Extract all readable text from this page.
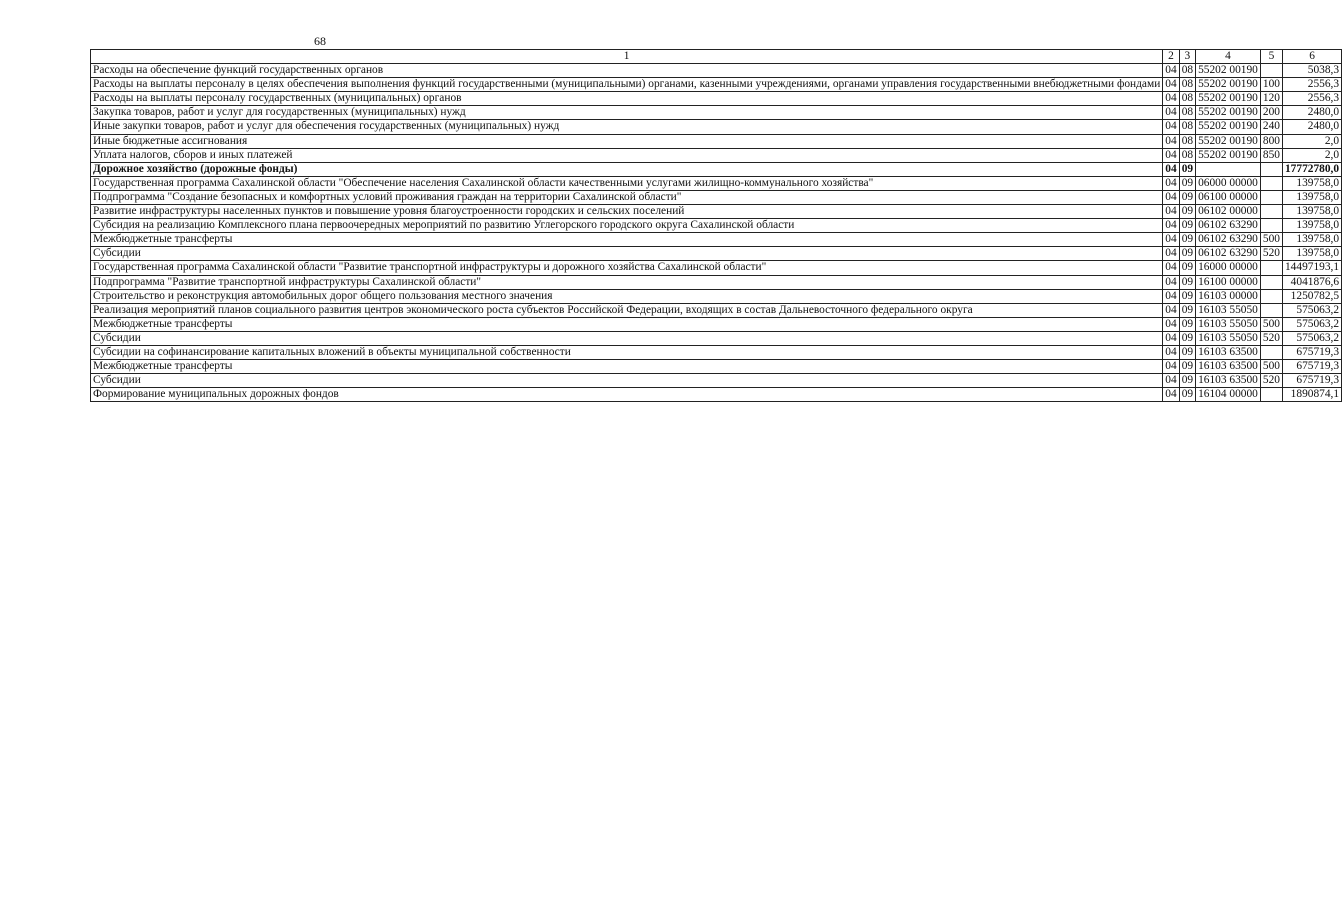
68
1	2	3	4	5	6
Расходы на обеспечение функций государственных органов	04	08	55202 00190		5038,3
Расходы на выплаты персоналу в целях обеспечения выполнения функций государственными (муниципальными) органами, казенными учреждениями, органами управления государственными внебюджетными фондами	04	08	55202 00190	100	2556,3
Расходы на выплаты персоналу государственных (муниципальных) органов	04	08	55202 00190	120	2556,3
Закупка товаров, работ и услуг для государственных (муниципальных) нужд	04	08	55202 00190	200	2480,0
Иные закупки товаров, работ и услуг для обеспечения государственных (муниципальных) нужд	04	08	55202 00190	240	2480,0
Иные бюджетные ассигнования	04	08	55202 00190	800	2,0
Уплата налогов, сборов и иных платежей	04	08	55202 00190	850	2,0
Дорожное хозяйство (дорожные фонды)	04	09			17772780,0
Государственная программа Сахалинской области "Обеспечение населения Сахалинской области качественными услугами жилищно-коммунального хозяйства"	04	09	06000 00000		139758,0
Подпрограмма "Создание безопасных и комфортных условий проживания граждан на территории Сахалинской области"	04	09	06100 00000		139758,0
Развитие инфраструктуры населенных пунктов и повышение уровня благоустроенности городских и сельских поселений	04	09	06102 00000		139758,0
Субсидия на реализацию Комплексного плана первоочередных мероприятий по развитию Углегорского городского округа Сахалинской области	04	09	06102 63290		139758,0
Межбюджетные трансферты	04	09	06102 63290	500	139758,0
Субсидии	04	09	06102 63290	520	139758,0
Государственная программа Сахалинской области "Развитие транспортной инфраструктуры и дорожного хозяйства Сахалинской области"	04	09	16000 00000		14497193,1
Подпрограмма "Развитие транспортной инфраструктуры Сахалинской области"	04	09	16100 00000		4041876,6
Строительство и реконструкция автомобильных дорог общего пользования местного значения	04	09	16103 00000		1250782,5
Реализация мероприятий планов социального развития центров экономического роста субъектов Российской Федерации, входящих в состав Дальневосточного федерального округа	04	09	16103 55050		575063,2
Межбюджетные трансферты	04	09	16103 55050	500	575063,2
Субсидии	04	09	16103 55050	520	575063,2
Субсидии на софинансирование капитальных вложений в объекты муниципальной собственности	04	09	16103 63500		675719,3
Межбюджетные трансферты	04	09	16103 63500	500	675719,3
Субсидии	04	09	16103 63500	520	675719,3
Формирование муниципальных дорожных фондов	04	09	16104 00000		1890874,1
